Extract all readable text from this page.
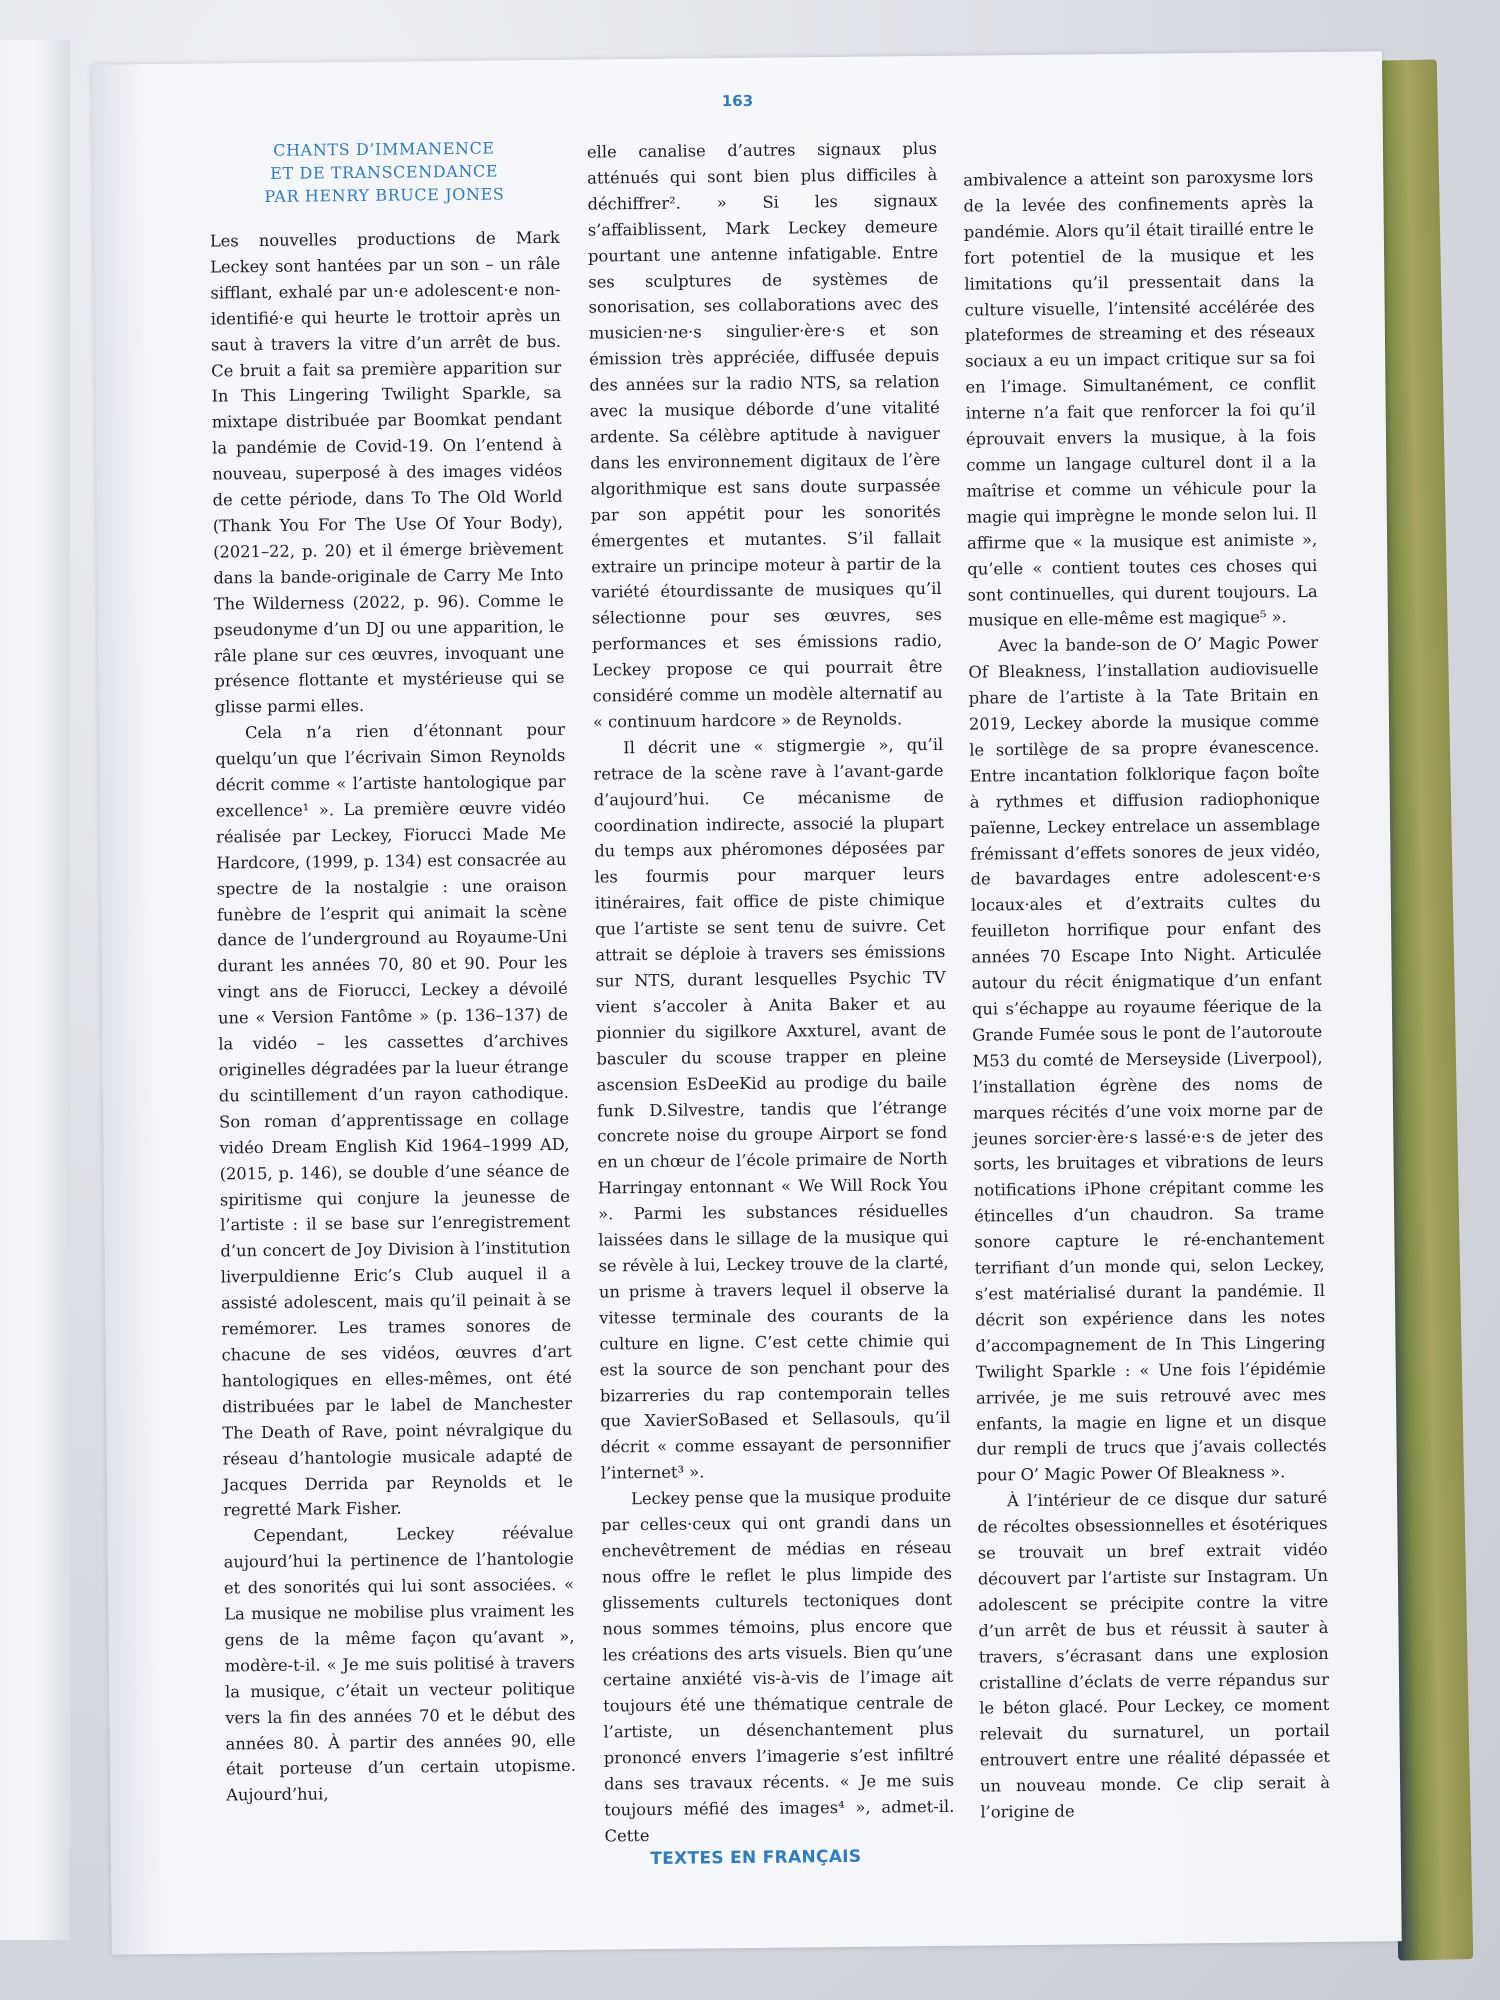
163
CHANTS D’IMMANENCE
ET DE TRANSCENDANCE
PAR HENRY BRUCE JONES

Les nouvelles productions de Mark Leckey sont hantées par un son – un râle sifflant, exhalé par un·e adolescent·e non-identifié·e qui heurte le trottoir après un saut à travers la vitre d’un arrêt de bus. Ce bruit a fait sa première apparition sur In This Lingering Twilight Sparkle, sa mixtape distribuée par Boomkat pendant la pandémie de Covid-19. On l’entend à nouveau, superposé à des images vidéos de cette période, dans To The Old World (Thank You For The Use Of Your Body), (2021–22, p. 20) et il émerge brièvement dans la bande-originale de Carry Me Into The Wilderness (2022, p. 96). Comme le pseudonyme d’un DJ ou une apparition, le râle plane sur ces œuvres, invoquant une présence flottante et mystérieuse qui se glisse parmi elles.

Cela n’a rien d’étonnant pour quelqu’un que l’écrivain Simon Reynolds décrit comme « l’artiste hantologique par excellence¹ ». La première œuvre vidéo réalisée par Leckey, Fiorucci Made Me Hardcore, (1999, p. 134) est consacrée au spectre de la nostalgie : une oraison funèbre de l’esprit qui animait la scène dance de l’underground au Royaume-Uni durant les années 70, 80 et 90. Pour les vingt ans de Fiorucci, Leckey a dévoilé une « Version Fantôme » (p. 136–137) de la vidéo – les cassettes d’archives originelles dégradées par la lueur étrange du scintillement d’un rayon cathodique. Son roman d’apprentissage en collage vidéo Dream English Kid 1964–1999 AD, (2015, p. 146), se double d’une séance de spiritisme qui conjure la jeunesse de l’artiste : il se base sur l’enregistrement d’un concert de Joy Division à l’institution liverpuldienne Eric’s Club auquel il a assisté adolescent, mais qu’il peinait à se remémorer. Les trames sonores de chacune de ses vidéos, œuvres d’art hantologiques en elles-mêmes, ont été distribuées par le label de Manchester The Death of Rave, point névralgique du réseau d’hantologie musicale adapté de Jacques Derrida par Reynolds et le regretté Mark Fisher.

Cependant, Leckey réévalue aujourd’hui la pertinence de l’hantologie et des sonorités qui lui sont associées. « La musique ne mobilise plus vraiment les gens de la même façon qu’avant », modère-t-il. « Je me suis politisé à travers la musique, c’était un vecteur politique vers la fin des années 70 et le début des années 80. À partir des années 90, elle était porteuse d’un certain utopisme. Aujourd’hui,

elle canalise d’autres signaux plus atténués qui sont bien plus difficiles à déchiffrer². » Si les signaux s’affaiblissent, Mark Leckey demeure pourtant une antenne infatigable. Entre ses sculptures de systèmes de sonorisation, ses collaborations avec des musicien·ne·s singulier·ère·s et son émission très appréciée, diffusée depuis des années sur la radio NTS, sa relation avec la musique déborde d’une vitalité ardente. Sa célèbre aptitude à naviguer dans les environnement digitaux de l’ère algorithmique est sans doute surpassée par son appétit pour les sonorités émergentes et mutantes. S’il fallait extraire un principe moteur à partir de la variété étourdissante de musiques qu’il sélectionne pour ses œuvres, ses performances et ses émissions radio, Leckey propose ce qui pourrait être considéré comme un modèle alternatif au « continuum hardcore » de Reynolds.

Il décrit une « stigmergie », qu’il retrace de la scène rave à l’avant-garde d’aujourd’hui. Ce mécanisme de coordination indirecte, associé la plupart du temps aux phéromones déposées par les fourmis pour marquer leurs itinéraires, fait office de piste chimique que l’artiste se sent tenu de suivre. Cet attrait se déploie à travers ses émissions sur NTS, durant lesquelles Psychic TV vient s’accoler à Anita Baker et au pionnier du sigilkore Axxturel, avant de basculer du scouse trapper en pleine ascension EsDeeKid au prodige du baile funk D.Silvestre, tandis que l’étrange concrete noise du groupe Airport se fond en un chœur de l’école primaire de North Harringay entonnant « We Will Rock You ». Parmi les substances résiduelles laissées dans le sillage de la musique qui se révèle à lui, Leckey trouve de la clarté, un prisme à travers lequel il observe la vitesse terminale des courants de la culture en ligne. C’est cette chimie qui est la source de son penchant pour des bizarreries du rap contemporain telles que XavierSoBased et Sellasouls, qu’il décrit « comme essayant de personnifier l’internet³ ».

Leckey pense que la musique produite par celles·ceux qui ont grandi dans un enchevêtrement de médias en réseau nous offre le reflet le plus limpide des glissements culturels tectoniques dont nous sommes témoins, plus encore que les créations des arts visuels. Bien qu’une certaine anxiété vis-à-vis de l’image ait toujours été une thématique centrale de l’artiste, un désenchantement plus prononcé envers l’imagerie s’est infiltré dans ses travaux récents. « Je me suis toujours méfié des images⁴ », admet-il. Cette

ambivalence a atteint son paroxysme lors de la levée des confinements après la pandémie. Alors qu’il était tiraillé entre le fort potentiel de la musique et les limitations qu’il pressentait dans la culture visuelle, l’intensité accélérée des plateformes de streaming et des réseaux sociaux a eu un impact critique sur sa foi en l’image. Simultanément, ce conflit interne n’a fait que renforcer la foi qu’il éprouvait envers la musique, à la fois comme un langage culturel dont il a la maîtrise et comme un véhicule pour la magie qui imprègne le monde selon lui. Il affirme que « la musique est animiste », qu’elle « contient toutes ces choses qui sont continuelles, qui durent toujours. La musique en elle-même est magique⁵ ».

Avec la bande-son de O’ Magic Power Of Bleakness, l’installation audiovisuelle phare de l’artiste à la Tate Britain en 2019, Leckey aborde la musique comme le sortilège de sa propre évanescence. Entre incantation folklorique façon boîte à rythmes et diffusion radiophonique païenne, Leckey entrelace un assemblage frémissant d’effets sonores de jeux vidéo, de bavardages entre adolescent·e·s locaux·ales et d’extraits cultes du feuilleton horrifique pour enfant des années 70 Escape Into Night. Articulée autour du récit énigmatique d’un enfant qui s’échappe au royaume féerique de la Grande Fumée sous le pont de l’autoroute M53 du comté de Merseyside (Liverpool), l’installation égrène des noms de marques récités d’une voix morne par de jeunes sorcier·ère·s lassé·e·s de jeter des sorts, les bruitages et vibrations de leurs notifications iPhone crépitant comme les étincelles d’un chaudron. Sa trame sonore capture le ré-enchantement terrifiant d’un monde qui, selon Leckey, s’est matérialisé durant la pandémie. Il décrit son expérience dans les notes d’accompagnement de In This Lingering Twilight Sparkle : « Une fois l’épidémie arrivée, je me suis retrouvé avec mes enfants, la magie en ligne et un disque dur rempli de trucs que j’avais collectés pour O’ Magic Power Of Bleakness ».

À l’intérieur de ce disque dur saturé de récoltes obsessionnelles et ésotériques se trouvait un bref extrait vidéo découvert par l’artiste sur Instagram. Un adolescent se précipite contre la vitre d’un arrêt de bus et réussit à sauter à travers, s’écrasant dans une explosion cristalline d’éclats de verre répandus sur le béton glacé. Pour Leckey, ce moment relevait du surnaturel, un portail entrouvert entre une réalité dépassée et un nouveau monde. Ce clip serait à l’origine de

TEXTES EN FRANÇAIS
